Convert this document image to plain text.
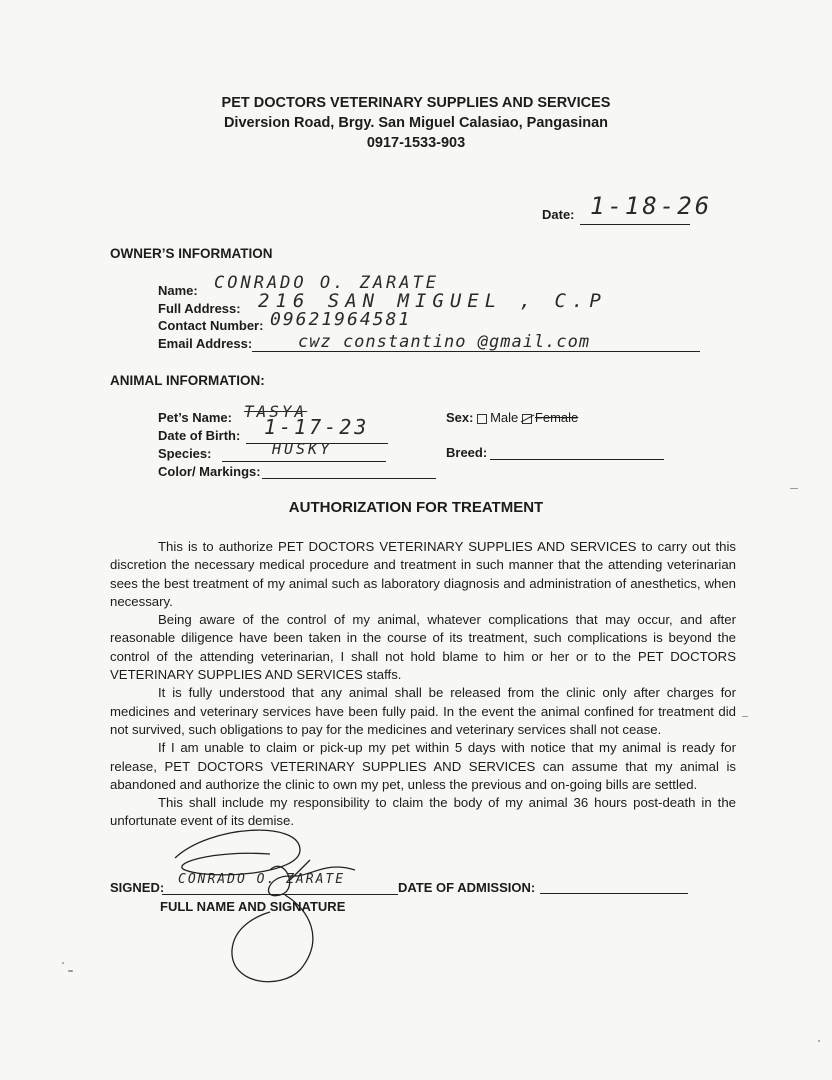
PET DOCTORS VETERINARY SUPPLIES AND SERVICES
Diversion Road, Brgy. San Miguel Calasiao, Pangasinan
0917-1533-903
Date: 1-18-26
OWNER’S INFORMATION
Name: CONRADO O. ZARATE
Full Address: 216 SAN MIGUEL , C.P
Contact Number: 09621964581
Email Address:	cwz constantino @gmail.com
ANIMAL INFORMATION:
Pet’s Name: TASYA
Date of Birth: 1-17-23
Species:	HUSKY
Color/ Markings:
Sex: Male Female
Breed:
AUTHORIZATION FOR TREATMENT

This is to authorize PET DOCTORS VETERINARY SUPPLIES AND SERVICES to carry out this discretion the necessary medical procedure and treatment in such manner that the attending veterinarian sees the best treatment of my animal such as laboratory diagnosis and administration of anesthetics, when necessary.

Being aware of the control of my animal, whatever complications that may occur, and after reasonable diligence have been taken in the course of its treatment, such complications is beyond the control of the attending veterinarian, I shall not hold blame to him or her or to the PET DOCTORS VETERINARY SUPPLIES AND SERVICES staffs.

It is fully understood that any animal shall be released from the clinic only after charges for medicines and veterinary services have been fully paid. In the event the animal confined for treatment did not survived, such obligations to pay for the medicines and veterinary services shall not cease.

If I am unable to claim or pick-up my pet within 5 days with notice that my animal is ready for release, PET DOCTORS VETERINARY SUPPLIES AND SERVICES can assume that my animal is abandoned and authorize the clinic to own my pet, unless the previous and on-going bills are settled.

This shall include my responsibility to claim the body of my animal 36 hours post-death in the unfortunate event of its demise.

SIGNED:
CONRADO O. ZARATE
FULL NAME AND SIGNATURE
DATE OF ADMISSION:
